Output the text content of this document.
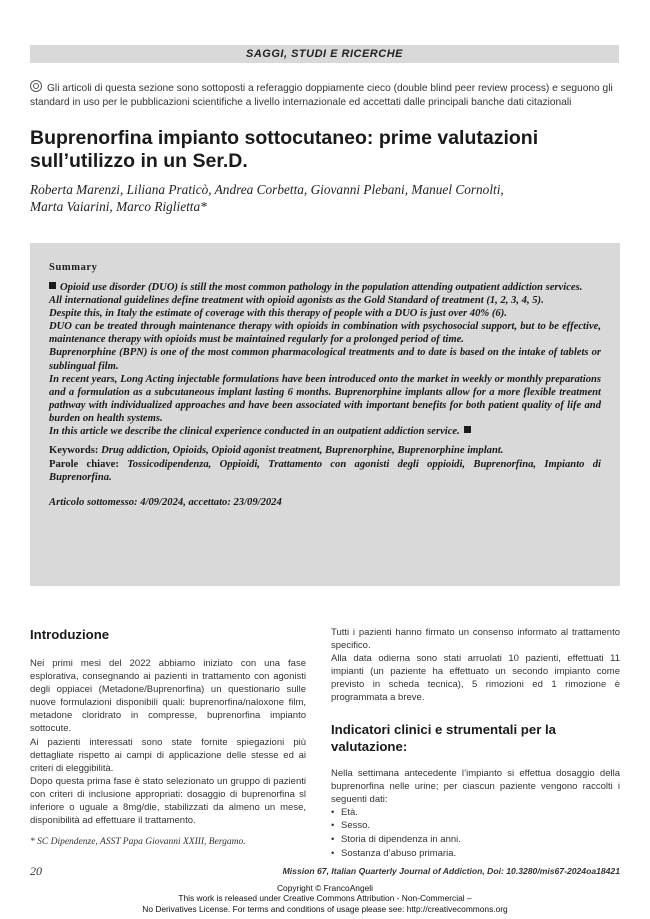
SAGGI, STUDI E RICERCHE
Gli articoli di questa sezione sono sottoposti a referaggio doppiamente cieco (double blind peer review process) e seguono gli standard in uso per le pubblicazioni scientifiche a livello internazionale ed accettati dalle principali banche dati citazionali
Buprenorfina impianto sottocutaneo: prime valutazioni
sull’utilizzo in un Ser.D.
Roberta Marenzi, Liliana Praticò, Andrea Corbetta, Giovanni Plebani, Manuel Cornolti,
Marta Vaiarini, Marco Riglietta*
Summary

Opioid use disorder (DUO) is still the most common pathology in the population attending outpatient addiction services.

All international guidelines define treatment with opioid agonists as the Gold Standard of treatment (1, 2, 3, 4, 5).

Despite this, in Italy the estimate of coverage with this therapy of people with a DUO is just over 40% (6).

DUO can be treated through maintenance therapy with opioids in combination with psychosocial support, but to be effective, maintenance therapy with opioids must be maintained regularly for a prolonged period of time.

Buprenorphine (BPN) is one of the most common pharmacological treatments and to date is based on the intake of tablets or sublingual film.

In recent years, Long Acting injectable formulations have been introduced onto the market in weekly or monthly preparations and a formulation as a subcutaneous implant lasting 6 months. Buprenorphine implants allow for a more flexible treatment pathway with individualized approaches and have been associated with important benefits for both patient quality of life and burden on health systems.

In this article we describe the clinical experience conducted in an outpatient addiction service.

Keywords: Drug addiction, Opioids, Opioid agonist treatment, Buprenorphine, Buprenorphine implant.
Parole chiave: Tossicodipendenza, Oppioidi, Trattamento con agonisti degli oppioidi, Buprenorfina, Impianto di Buprenorfina.
Articolo sottomesso: 4/09/2024, accettato: 23/09/2024
Introduzione

Nei primi mesi del 2022 abbiamo iniziato con una fase esplorativa, consegnando ai pazienti in trattamento con agonisti degli oppiacei (Metadone/Buprenorfina) un questionario sulle nuove formulazioni disponibili quali: buprenorfina/naloxone film, metadone cloridrato in compresse, buprenorfina impianto sottocute.

Ai pazienti interessati sono state fornite spiegazioni più dettagliate rispetto ai campi di applicazione delle stesse ed ai criteri di eleggibilità.

Dopo questa prima fase è stato selezionato un gruppo di pazienti con criteri di inclusione appropriati: dosaggio di buprenorfina sl inferiore o uguale a 8mg/die, stabilizzati da almeno un mese, disponibilità ad effettuare il trattamento.

Tutti i pazienti hanno firmato un consenso informato al trattamento specifico.

Alla data odierna sono stati arruolati 10 pazienti, effettuati 11 impianti (un paziente ha effettuato un secondo impianto come previsto in scheda tecnica), 5 rimozioni ed 1 rimozione è programmata a breve.

Indicatori clinici e strumentali per la valutazione:

Nella settimana antecedente l’impianto si effettua dosaggio della buprenorfina nelle urine; per ciascun paziente vengono raccolti i seguenti dati:

• Età.
• Sesso.
• Storia di dipendenza in anni.
• Sostanza d’abuso primaria.
* SC Dipendenze, ASST Papa Giovanni XXIII, Bergamo.
20	Mission 67, Italian Quarterly Journal of Addiction, Doi: 10.3280/mis67-2024oa18421
Copyright © FrancoAngeli
This work is released under Creative Commons Attribution - Non-Commercial –
No Derivatives License. For terms and conditions of usage please see: http://creativecommons.org
